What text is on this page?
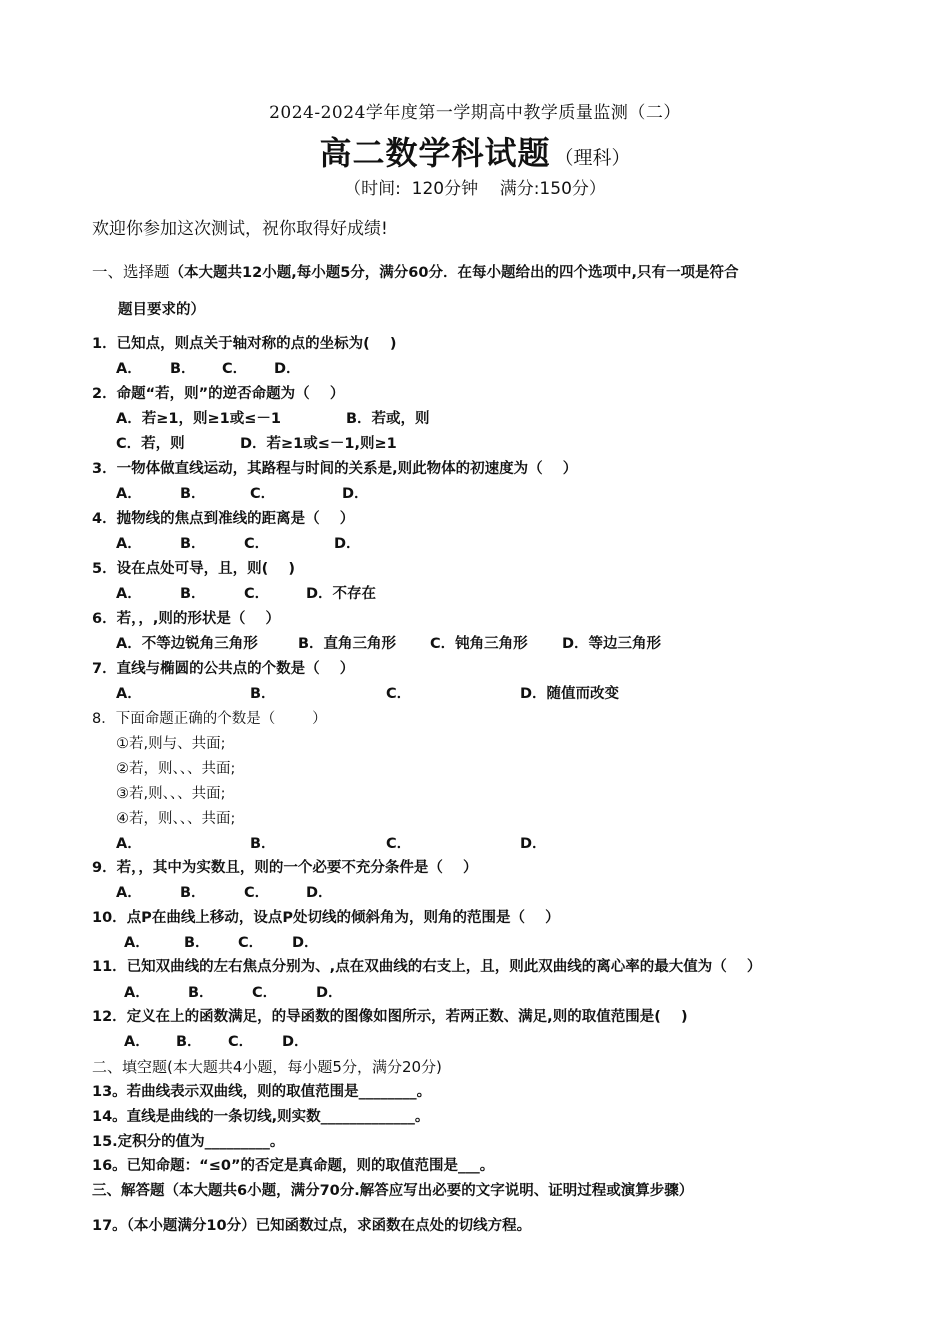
2024-2024学年度第一学期高中教学质量监测（二）
高二数学科试题 （理科）
（时间:  120分钟    满分:150分）
欢迎你参加这次测试，祝你取得好成绩!
一、选择题（本大题共12小题,每小题5分，满分60分．在每小题给出的四个选项中,只有一项是符合
题目要求的）
1．已知点，则点关于轴对称的点的坐标为(    )
A． B． C． D．
2．命题“若，则”的逆否命题为（    ）
A．若≥1，则≥1或≤－1	B．若或，则
C．若，则	D．若≥1或≤－1,则≥1
3．一物体做直线运动，其路程与时间的关系是,则此物体的初速度为（    ）
A．	B．	C．	D．
4．抛物线的焦点到准线的距离是（    ）
A．	B．	C．	D．
5．设在点处可导，且，则(    )
A．	B．	C．	D．不存在
6．若，，,则的形状是（    ）
A．不等边锐角三角形	B．直角三角形 C．钝角三角形 D．等边三角形
7．直线与椭圆的公共点的个数是（    ）
A．	B．	C．	D．随值而改变
8．下面命题正确的个数是（        ）
①若,则与、共面;
②若，则、、、共面;
③若,则、、、共面;
④若，则、、、共面;
A．	B．	C．	D．
9．若，，其中为实数且，则的一个必要不充分条件是（    ）
A．	B．	C．	D．
10．点P在曲线上移动，设点P处切线的倾斜角为，则角的范围是（    ）
A． B． C． D．
11．已知双曲线的左右焦点分别为、,点在双曲线的右支上，且，则此双曲线的离心率的最大值为（    ）
A．	B．	C．	D．
12．定义在上的函数满足，的导函数的图像如图所示，若两正数、满足,则的取值范围是(    )
A． B． C． D．
二、填空题(本大题共4小题，每小题5分，满分20分)
13。若曲线表示双曲线，则的取值范围是________。
14。直线是曲线的一条切线,则实数_____________。
15.定积分的值为_________。
16。已知命题：“≤0”的否定是真命题，则的取值范围是___。
三、解答题（本大题共6小题，满分70分.解答应写出必要的文字说明、证明过程或演算步骤）
17。（本小题满分10分）已知函数过点，求函数在点处的切线方程。
